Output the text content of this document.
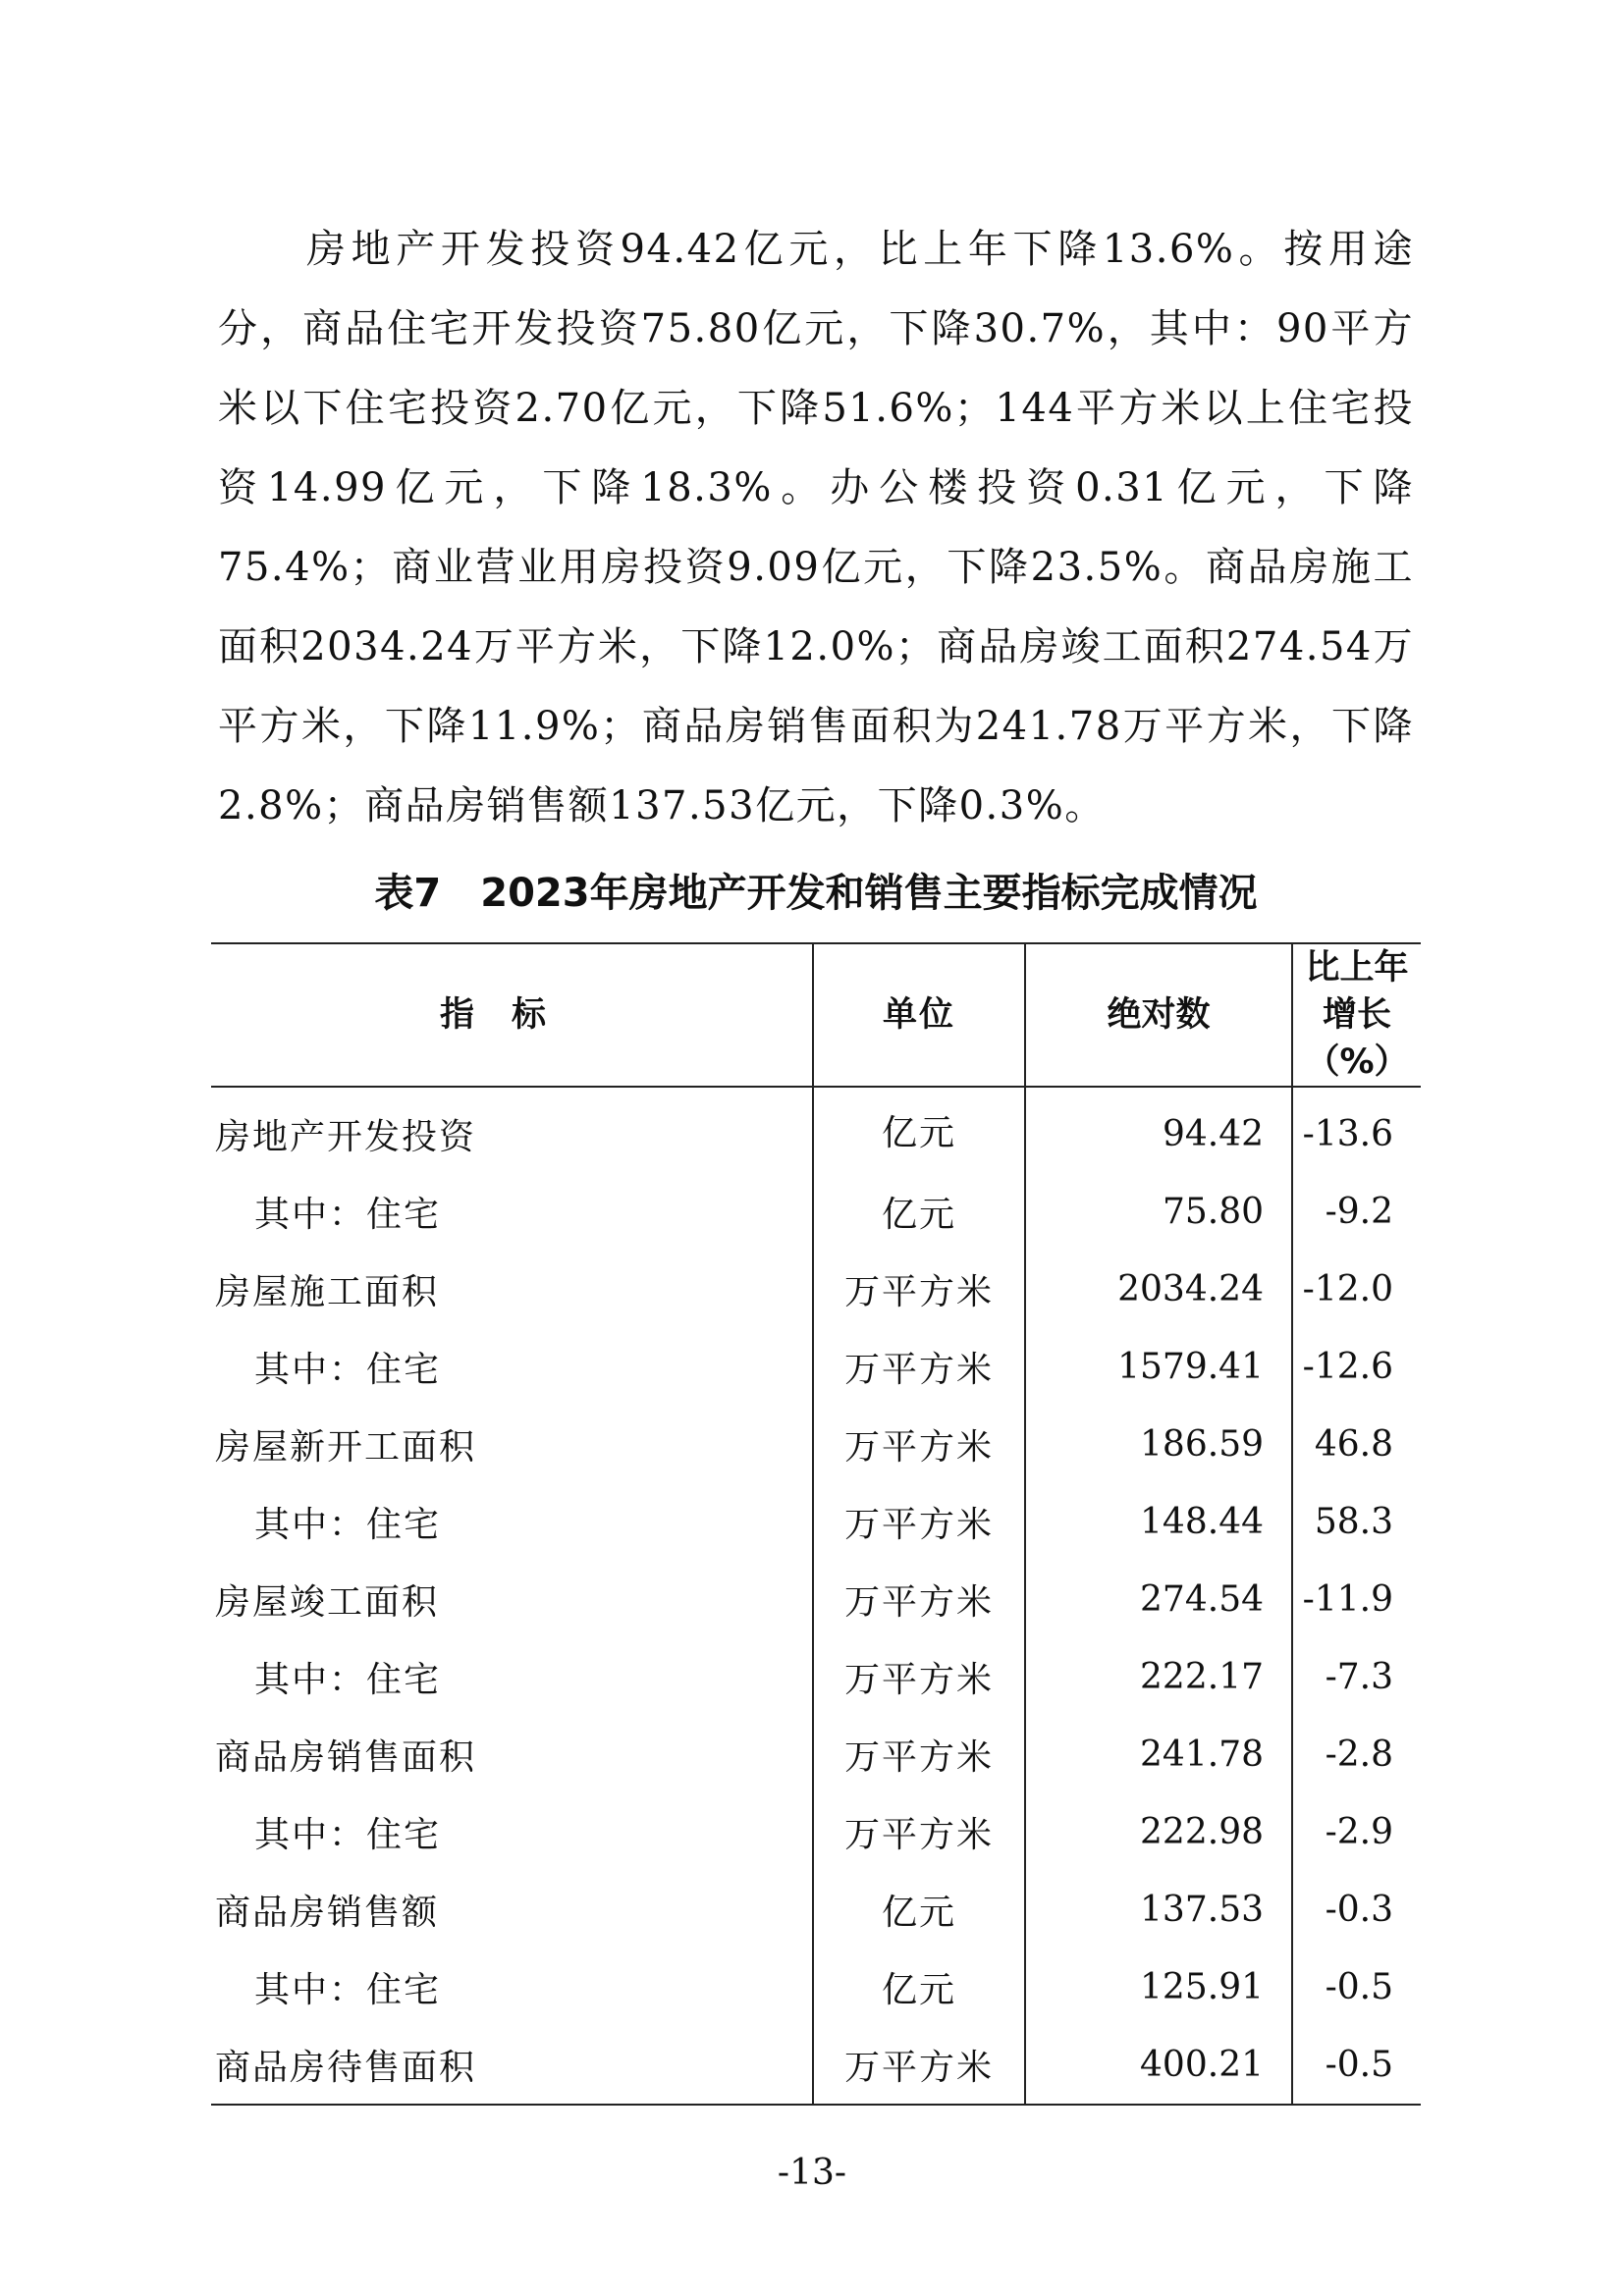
房地产开发投资94.42亿元，比上年下降13.6%。按用途分，商品住宅开发投资75.80亿元，下降30.7%，其中：90平方米以下住宅投资2.70亿元，下降51.6%；144平方米以上住宅投资14.99亿元，下降18.3%。办公楼投资0.31亿元，下降75.4%；商业营业用房投资9.09亿元，下降23.5%。商品房施工面积2034.24万平方米，下降12.0%；商品房竣工面积274.54万平方米，下降11.9%；商品房销售面积为241.78万平方米，下降2.8%；商品房销售额137.53亿元，下降0.3%。

表7　2023年房地产开发和销售主要指标完成情况
指标	单位	绝对数	比上年
增长（%）

房地产开发投资	亿元	94.42	-13.6
其中：住宅	亿元	75.80	-9.2
房屋施工面积	万平方米	2034.24	-12.0
其中：住宅	万平方米	1579.41	-12.6
房屋新开工面积	万平方米	186.59	46.8
其中：住宅	万平方米	148.44	58.3
房屋竣工面积	万平方米	274.54	-11.9
其中：住宅	万平方米	222.17	-7.3
商品房销售面积	万平方米	241.78	-2.8
其中：住宅	万平方米	222.98	-2.9
商品房销售额	亿元	137.53	-0.3
其中：住宅	亿元	125.91	-0.5
商品房待售面积	万平方米	400.21	-0.5
-13-
